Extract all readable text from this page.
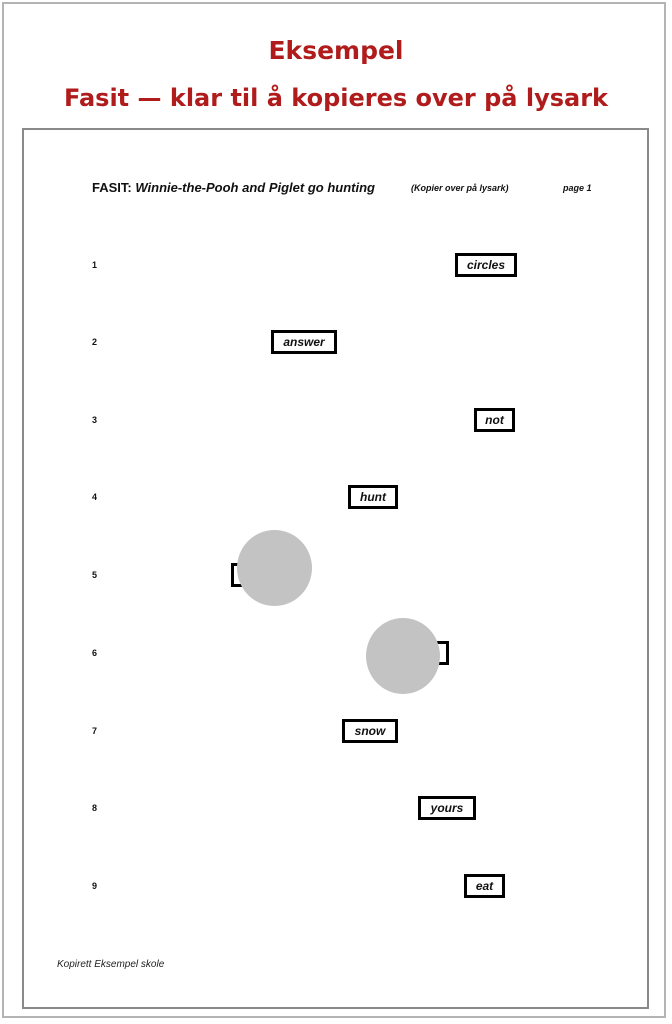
Eksempel
Fasit — klar til å kopieres over på lysark
FASIT: Winnie-the-Pooh and Piglet go hunting	(Kopier over på lysark)	page 1
1
2
3
4
5
6
7
8
9
circles
answer
not
hunt
snow
yours
eat
Kopirett Eksempel skole
